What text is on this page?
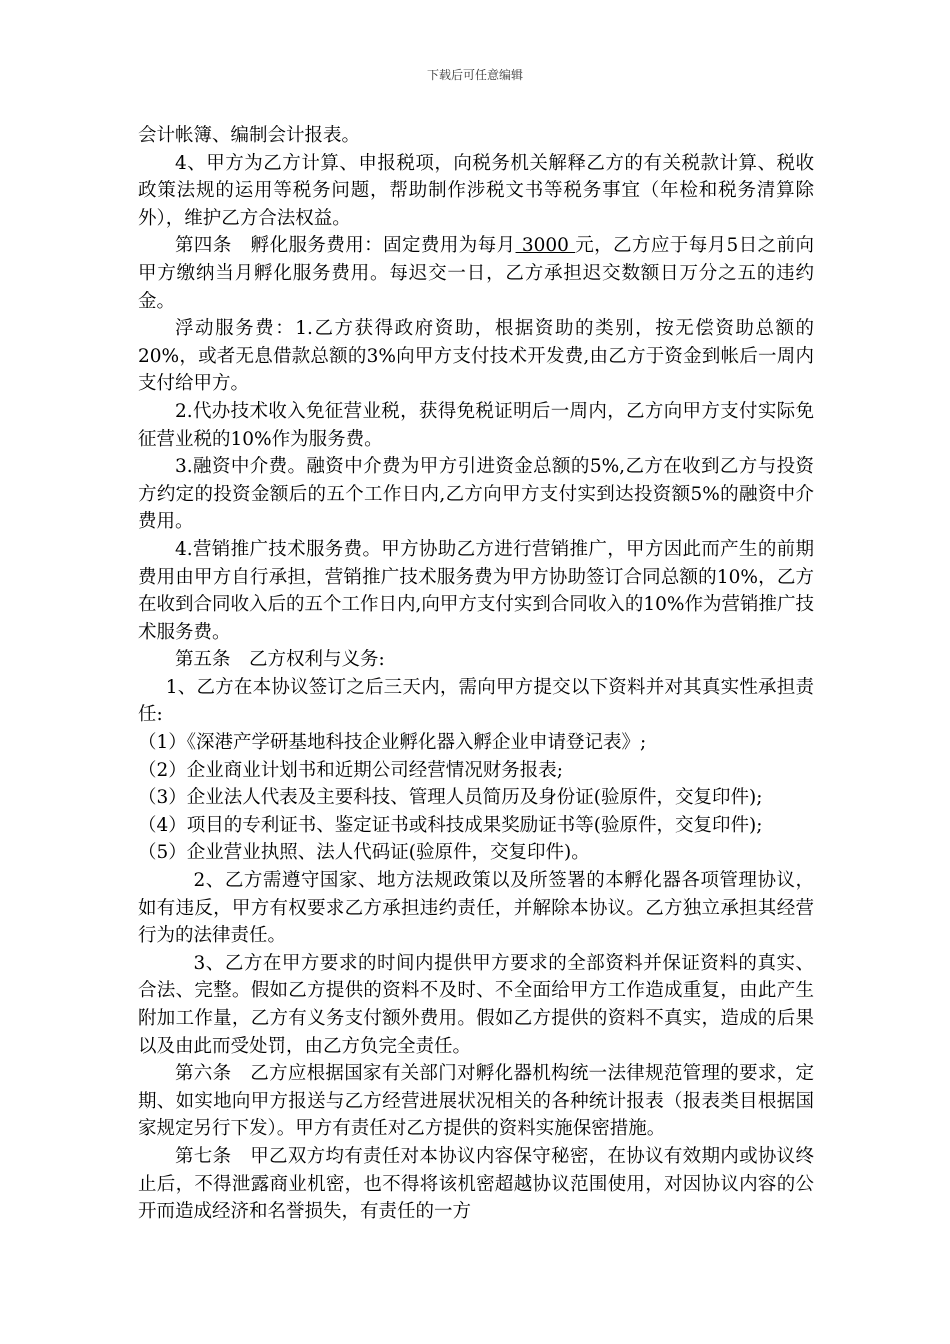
下载后可任意编辑

会计帐簿、编制会计报表。

4、甲方为乙方计算、申报税项，向税务机关解释乙方的有关税款计算、税收政策法规的运用等税务问题，帮助制作涉税文书等税务事宜（年检和税务清算除外），维护乙方合法权益。

第四条　孵化服务费用：固定费用为每月 3000 元，乙方应于每月5日之前向甲方缴纳当月孵化服务费用。每迟交一日，乙方承担迟交数额日万分之五的违约金。

浮动服务费：1.乙方获得政府资助，根据资助的类别，按无偿资助总额的20%，或者无息借款总额的3%向甲方支付技术开发费,由乙方于资金到帐后一周内支付给甲方。

2.代办技术收入免征营业税，获得免税证明后一周内，乙方向甲方支付实际免征营业税的10%作为服务费。

3.融资中介费。融资中介费为甲方引进资金总额的5%,乙方在收到乙方与投资方约定的投资金额后的五个工作日内,乙方向甲方支付实到达投资额5%的融资中介费用。

4.营销推广技术服务费。甲方协助乙方进行营销推广，甲方因此而产生的前期费用由甲方自行承担，营销推广技术服务费为甲方协助签订合同总额的10%，乙方在收到合同收入后的五个工作日内,向甲方支付实到合同收入的10%作为营销推广技术服务费。

第五条　乙方权利与义务:

1、乙方在本协议签订之后三天内，需向甲方提交以下资料并对其真实性承担责任:

（1）《深港产学研基地科技企业孵化器入孵企业申请登记表》;

（2）企业商业计划书和近期公司经营情况财务报表;

（3）企业法人代表及主要科技、管理人员简历及身份证(验原件，交复印件);

（4）项目的专利证书、鉴定证书或科技成果奖励证书等(验原件，交复印件);

（5）企业营业执照、法人代码证(验原件，交复印件)。

2、乙方需遵守国家、地方法规政策以及所签署的本孵化器各项管理协议，如有违反，甲方有权要求乙方承担违约责任，并解除本协议。乙方独立承担其经营行为的法律责任。

3、乙方在甲方要求的时间内提供甲方要求的全部资料并保证资料的真实、合法、完整。假如乙方提供的资料不及时、不全面给甲方工作造成重复，由此产生附加工作量，乙方有义务支付额外费用。假如乙方提供的资料不真实，造成的后果以及由此而受处罚，由乙方负完全责任。

第六条　乙方应根据国家有关部门对孵化器机构统一法律规范管理的要求，定期、如实地向甲方报送与乙方经营进展状况相关的各种统计报表（报表类目根据国家规定另行下发）。甲方有责任对乙方提供的资料实施保密措施。

第七条　甲乙双方均有责任对本协议内容保守秘密，在协议有效期内或协议终止后，不得泄露商业机密，也不得将该机密超越协议范围使用，对因协议内容的公开而造成经济和名誉损失，有责任的一方
